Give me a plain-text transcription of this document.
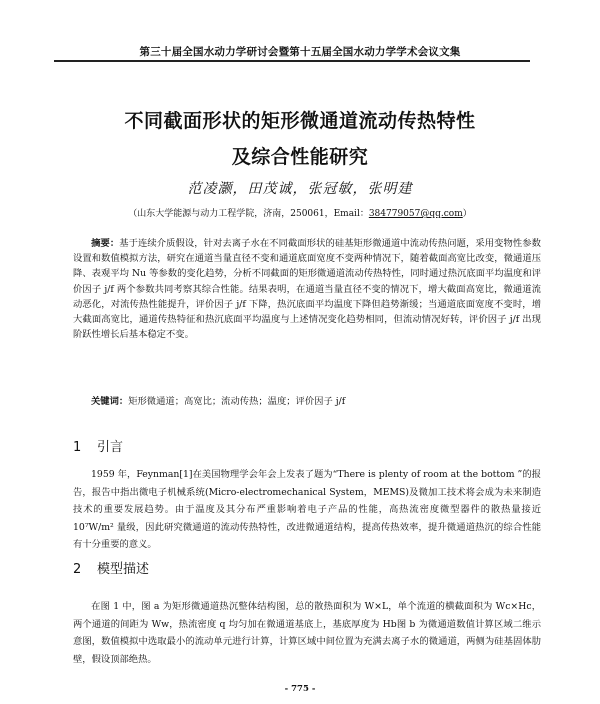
第三十届全国水动力学研讨会暨第十五届全国水动力学学术会议文集
不同截面形状的矩形微通道流动传热特性
及综合性能研究
范凌灏，田茂诚，张冠敏，张明建
（山东大学能源与动力工程学院，济南，250061，Email：384779057@qq.com）
摘要：基于连续介质假设，针对去离子水在不同截面形状的硅基矩形微通道中流动传热问题，采用变物性参数设置和数值模拟方法，研究在通道当量直径不变和通道底面宽度不变两种情况下，随着截面高宽比改变，微通道压降、表观平均 Nu 等参数的变化趋势，分析不同截面的矩形微通道流动传热特性，同时通过热沉底面平均温度和评价因子 j/f 两个参数共同考察其综合性能。结果表明，在通道当量直径不变的情况下，增大截面高宽比，微通道流动恶化，对流传热性能提升，评价因子 j/f 下降，热沉底面平均温度下降但趋势渐缓；当通道底面宽度不变时，增大截面高宽比，通道传热特征和热沉底面平均温度与上述情况变化趋势相同，但流动情况好转，评价因子 j/f 出现阶跃性增长后基本稳定不变。
关键词：矩形微通道；高宽比；流动传热；温度；评价因子 j/f
1 引言
1959 年，Feynman[1]在美国物理学会年会上发表了题为“There is plenty of room at the bottom ”的报告，报告中指出微电子机械系统(Micro-electromechanical System，MEMS)及微加工技术将会成为未来制造技术的重要发展趋势。由于温度及其分布严重影响着电子产品的性能，高热流密度微型器件的散热量接近 10⁷W/m² 量级，因此研究微通道的流动传热特性，改进微通道结构，提高传热效率，提升微通道热沉的综合性能有十分重要的意义。
2 模型描述
在图 1 中，图 a 为矩形微通道热沉整体结构图，总的散热面积为 W×L，单个流道的横截面积为 Wc×Hc，两个通道的间距为 Ww，热流密度 q 均匀加在微通道基底上，基底厚度为 Hb图 b 为微通道数值计算区域二维示意图，数值模拟中选取最小的流动单元进行计算，计算区域中间位置为充满去离子水的微通道，两侧为硅基固体肋壁，假设顶部绝热。
- 775 -
